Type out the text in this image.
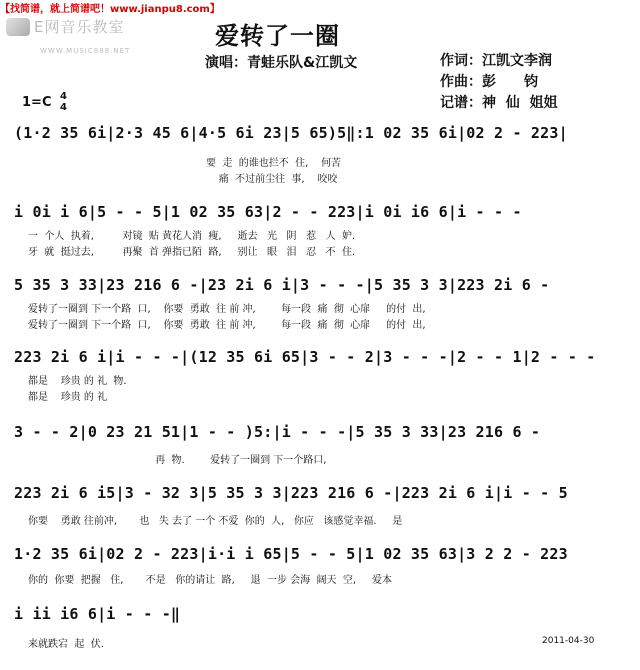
【找简谱，就上简谱吧！www.jianpu8.com】
E网音乐教室
WWW.MUSIC888.NET
爱转了一圈
演唱：青蛙乐队&江凯文	作词：江凯文李润
作曲：彭　　钧
记谱：神  仙  姐姐
1=C 4
4
(1·2 35 6i|2·3 45 6|4·5 6i 23|5 65)5‖:1 02 35 6i|02 2 - 223|
要  走  的谁也拦不  住,    何苦
痛  不过前尘往  事,    咬咬
i 0i i 6|5 - - 5|1 02 35 63|2 - - 223|i 0i i6 6|i - - -
一  个人  执着,         对镜  贴 黄花人消  瘦,     逝去   光   阴   惹   人  妒.
牙  就  挺过去,         再聚  首 弹指已陌  路,     别让   眼   泪   忍   不  住.
5 35 3 33|23 216 6 -|23 2i 6 i|3 - - -|5 35 3 3|223 2i 6 -
爱转了一圈到 下一个路  口,    你要  勇敢  往 前 冲,        每一段  痛  彻  心扉     的付  出,
爱转了一圈到 下一个路  口,    你要  勇敢  往 前 冲,        每一段  痛  彻  心扉     的付  出,
223 2i 6 i|i - - -|(12 35 6i 65|3 - - 2|3 - - -|2 - - 1|2 - - -
都是    珍贵 的 礼  物.
都是    珍贵 的 礼
3 - - 2|0 23 21 51|1 - - )5:|i - - -|5 35 3 33|23 216 6 -
再  物.        爱转了一圈到 下一个路口,
223 2i 6 i5|3 - 32 3|5 35 3 3|223 216 6 -|223 2i 6 i|i - - 5
你要    勇敢 往前冲,       也   失 去了 一个 不爱  你的  人,   你应   该感觉幸福.     是
1·2 35 6i|02 2 - 223|i·i i 65|5 - - 5|1 02 35 63|3 2 2 - 223
你的  你要  把握   住,       不是   你的请让  路,     退  一步 会海  阔天  空,     爱本
i ii i6 6|i - - -‖
来就跌宕  起  伏.	2011-04-30
